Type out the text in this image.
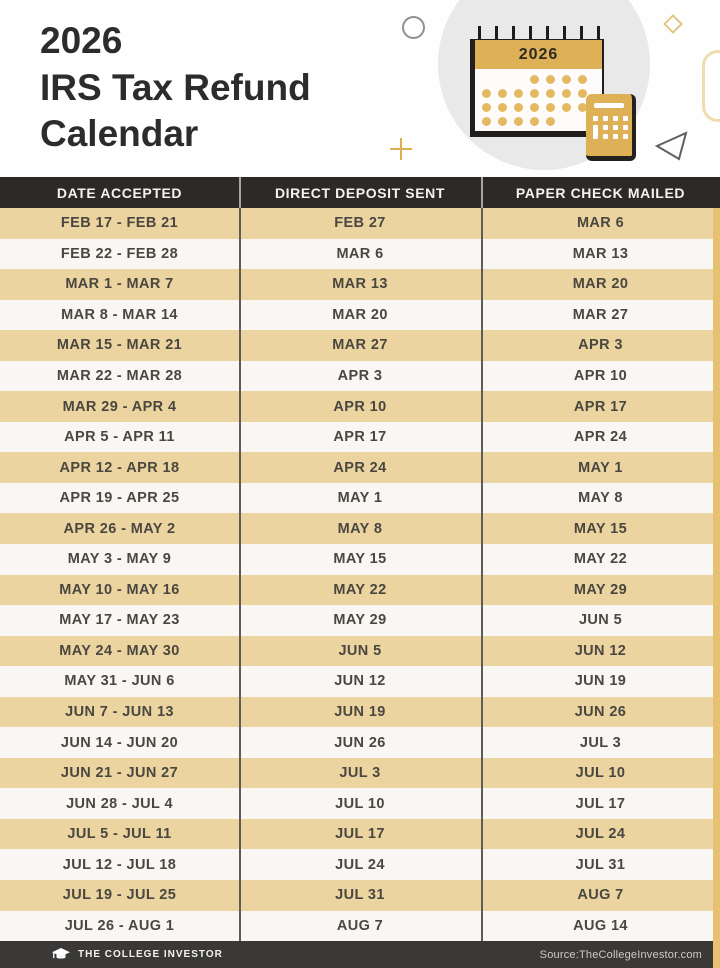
2026
IRS Tax Refund
Calendar
2026
DATE ACCEPTED	DIRECT DEPOSIT SENT	PAPER CHECK MAILED
FEB 17 - FEB 21	FEB 27	MAR 6
FEB 22 - FEB 28	MAR 6	MAR 13
MAR 1 - MAR 7	MAR 13	MAR 20
MAR 8 - MAR 14	MAR 20	MAR 27
MAR 15 - MAR 21	MAR 27	APR 3
MAR 22 - MAR 28	APR 3	APR 10
MAR 29 - APR 4	APR 10	APR 17
APR 5 - APR 11	APR 17	APR 24
APR 12 - APR 18	APR 24	MAY 1
APR 19 - APR 25	MAY 1	MAY 8
APR 26 - MAY 2	MAY 8	MAY 15
MAY 3 - MAY 9	MAY 15	MAY 22
MAY 10 - MAY 16	MAY 22	MAY 29
MAY 17 - MAY 23	MAY 29	JUN 5
MAY 24 - MAY 30	JUN 5	JUN 12
MAY 31 - JUN 6	JUN 12	JUN 19
JUN 7 - JUN 13	JUN 19	JUN 26
JUN 14 - JUN 20	JUN 26	JUL 3
JUN 21 - JUN 27	JUL 3	JUL 10
JUN 28 - JUL 4	JUL 10	JUL 17
JUL 5 - JUL 11	JUL 17	JUL 24
JUL 12 - JUL 18	JUL 24	JUL 31
JUL 19 - JUL 25	JUL 31	AUG 7
JUL 26 - AUG 1	AUG 7	AUG 14
THE COLLEGE INVESTOR	Source:TheCollegeInvestor.com
